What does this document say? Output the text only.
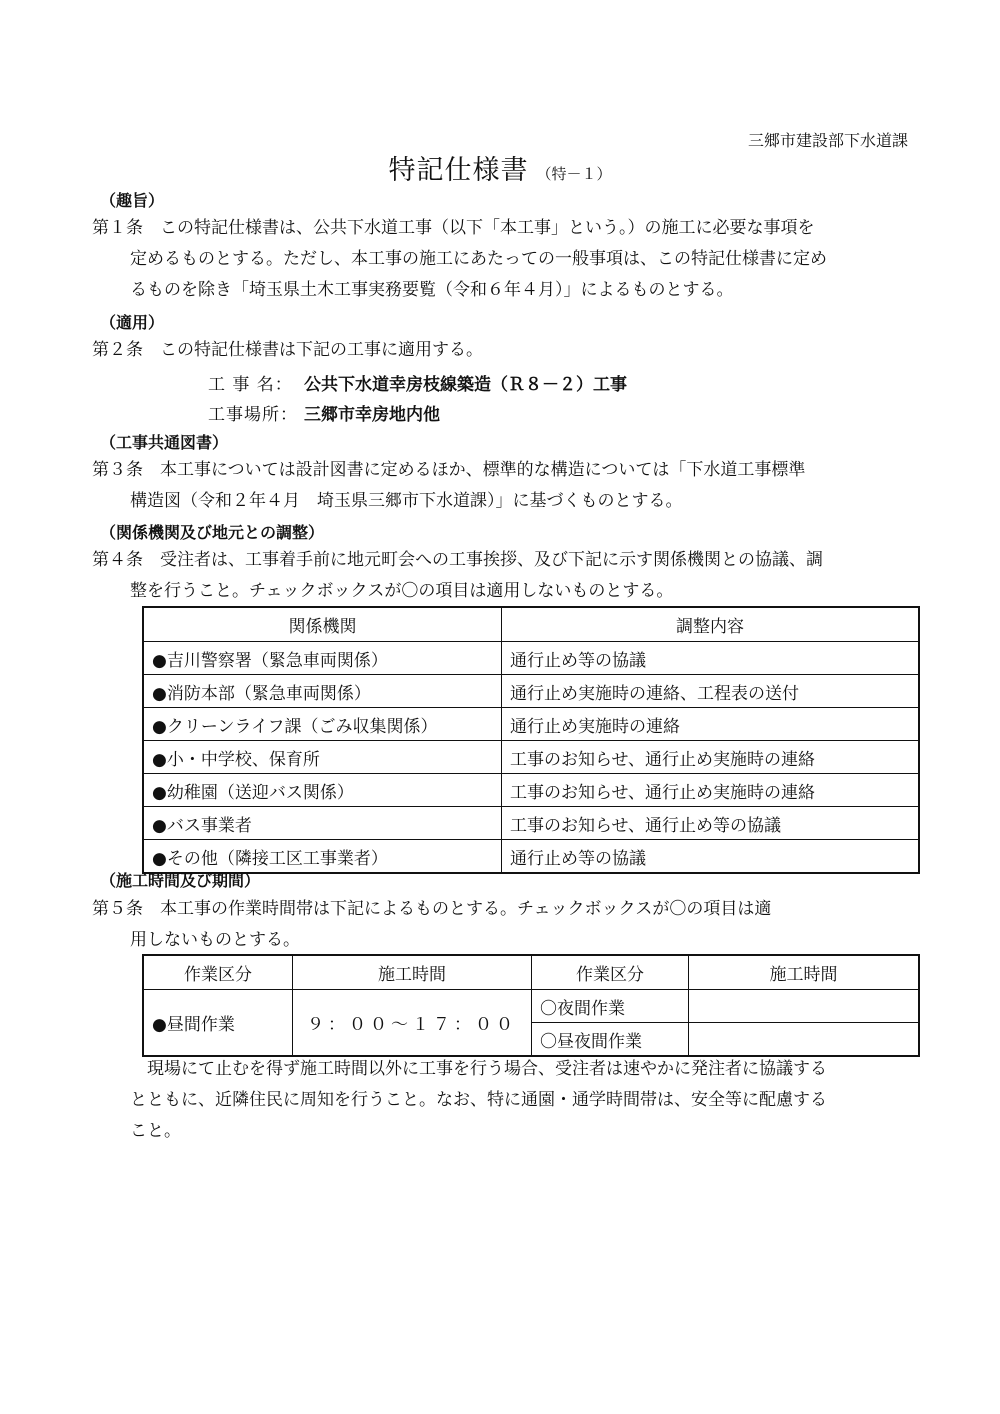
三郷市建設部下水道課
特記仕様書 （特－１）
（趣旨）
第１条　この特記仕様書は、公共下水道工事（以下「本工事」という。）の施工に必要な事項を
定めるものとする。ただし、本工事の施工にあたっての一般事項は、この特記仕様書に定め
るものを除き「埼玉県土木工事実務要覧（令和６年４月）」によるものとする。
（適用）
第２条　この特記仕様書は下記の工事に適用する。
工 事 名： 公共下水道幸房枝線築造（Ｒ８－２）工事
工事場所： 三郷市幸房地内他
（工事共通図書）
第３条　本工事については設計図書に定めるほか、標準的な構造については「下水道工事標準
構造図（令和２年４月　埼玉県三郷市下水道課）」に基づくものとする。
（関係機関及び地元との調整）
第４条　受注者は、工事着手前に地元町会への工事挨拶、及び下記に示す関係機関との協議、調
整を行うこと。チェックボックスが〇の項目は適用しないものとする。
関係機関	調整内容
●吉川警察署（緊急車両関係）	通行止め等の協議
●消防本部（緊急車両関係）	通行止め実施時の連絡、工程表の送付
●クリーンライフ課（ごみ収集関係）	通行止め実施時の連絡
●小・中学校、保育所	工事のお知らせ、通行止め実施時の連絡
●幼稚園（送迎バス関係）	工事のお知らせ、通行止め実施時の連絡
●バス事業者	工事のお知らせ、通行止め等の協議
●その他（隣接工区工事業者）	通行止め等の協議
（施工時間及び期間）
第５条　本工事の作業時間帯は下記によるものとする。チェックボックスが〇の項目は適
用しないものとする。
作業区分	施工時間	作業区分	施工時間
●昼間作業	９：００～１７：００	〇夜間作業	
		〇昼夜間作業	
　現場にて止むを得ず施工時間以外に工事を行う場合、受注者は速やかに発注者に協議する
とともに、近隣住民に周知を行うこと。なお、特に通園・通学時間帯は、安全等に配慮する
こと。
